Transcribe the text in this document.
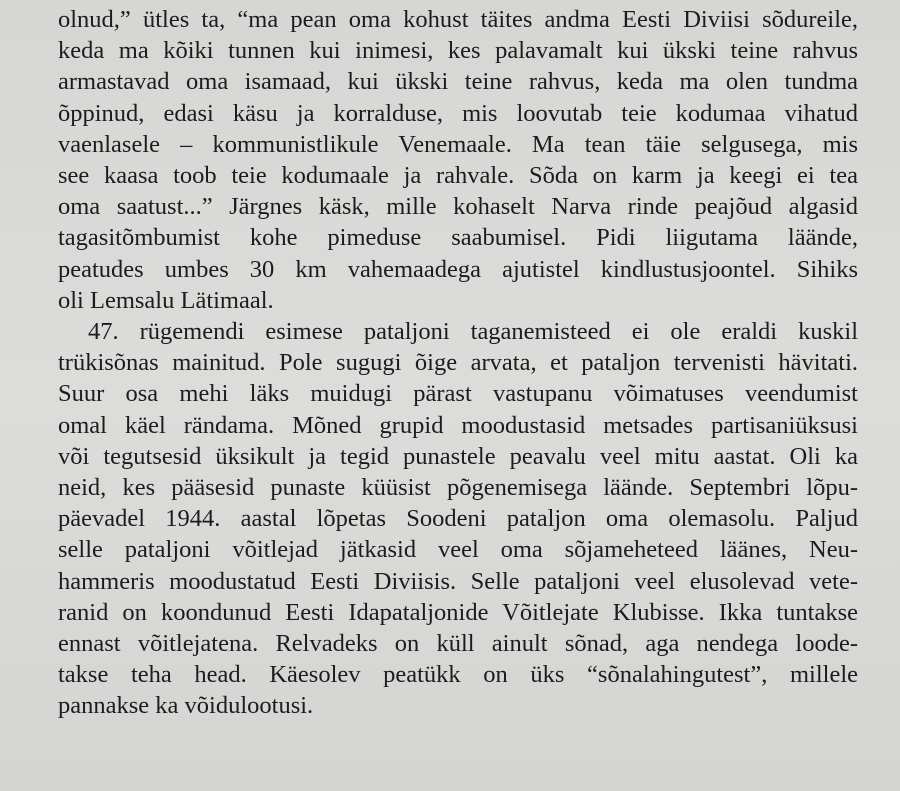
olnud,” ütles ta, “ma pean oma kohust täites andma Eesti Diviisi sõdureile,
keda ma kõiki tunnen kui inimesi, kes palavamalt kui ükski teine rahvus
armastavad oma isamaad, kui ükski teine rahvus, keda ma olen tundma
õppinud, edasi käsu ja korralduse, mis loovutab teie kodumaa vihatud
vaenlasele – kommunistlikule Venemaale. Ma tean täie selgusega, mis
see kaasa toob teie kodumaale ja rahvale. Sõda on karm ja keegi ei tea
oma saatust...” Järgnes käsk, mille kohaselt Narva rinde peajõud algasid
tagasitõmbumist kohe pimeduse saabumisel. Pidi liigutama läände,
peatudes umbes 30 km vahemaadega ajutistel kindlustusjoontel. Sihiks
oli Lemsalu Lätimaal.
47. rügemendi esimese pataljoni taganemisteed ei ole eraldi kuskil
trükisõnas mainitud. Pole sugugi õige arvata, et pataljon tervenisti hävitati.
Suur osa mehi läks muidugi pärast vastupanu võimatuses veendumist
omal käel rändama. Mõned grupid moodustasid metsades partisaniüksusi
või tegutsesid üksikult ja tegid punastele peavalu veel mitu aastat. Oli ka
neid, kes pääsesid punaste küüsist põgenemisega läände. Septembri lõpu-
päevadel 1944. aastal lõpetas Soodeni pataljon oma olemasolu. Paljud
selle pataljoni võitlejad jätkasid veel oma sõjameheteed läänes, Neu-
hammeris moodustatud Eesti Diviisis. Selle pataljoni veel elusolevad vete-
ranid on koondunud Eesti Idapataljonide Võitlejate Klubisse. Ikka tuntakse
ennast võitlejatena. Relvadeks on küll ainult sõnad, aga nendega loode-
takse teha head. Käesolev peatükk on üks “sõnalahingutest”, millele
pannakse ka võidulootusi.
